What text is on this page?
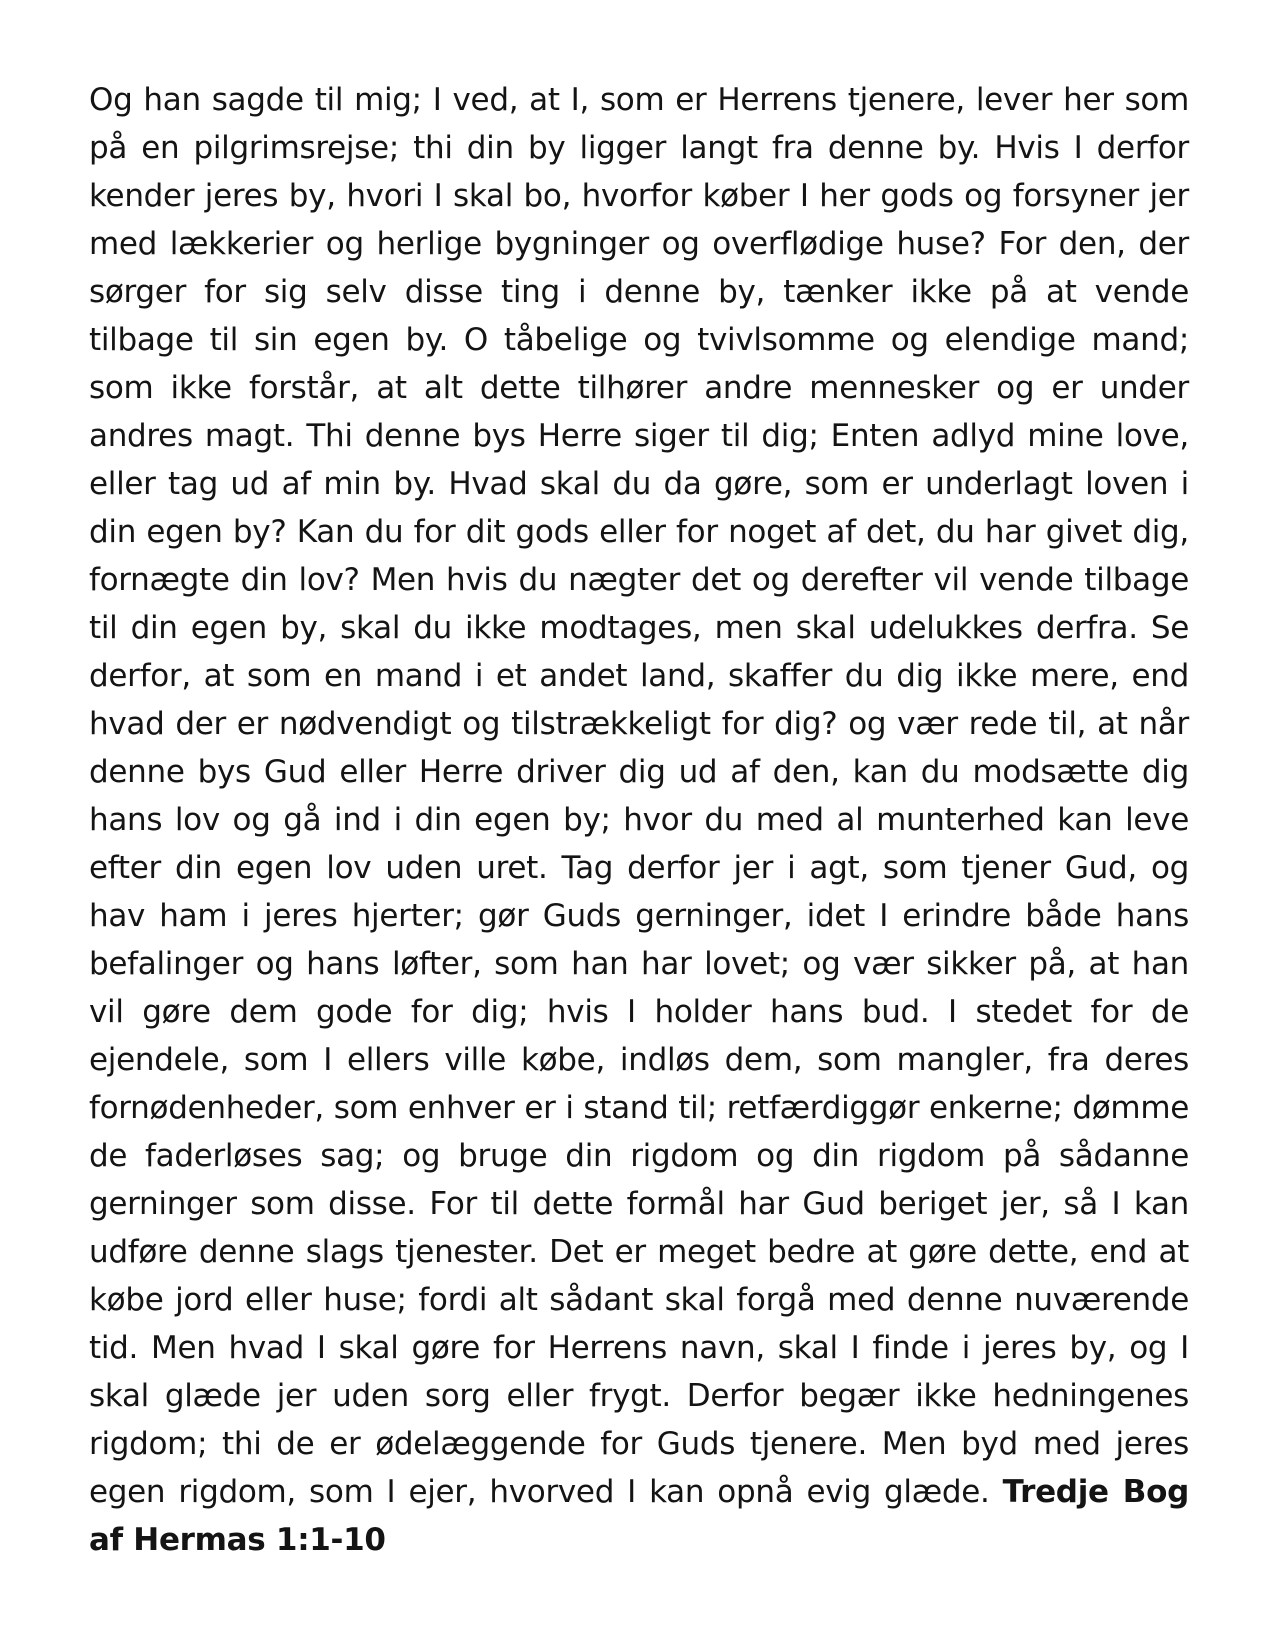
Og han sagde til mig; I ved, at I, som er Herrens tjenere, lever her som på en pilgrimsrejse; thi din by ligger langt fra denne by. Hvis I derfor kender jeres by, hvori I skal bo, hvorfor køber I her gods og forsyner jer med lækkerier og herlige bygninger og overflødige huse? For den, der sørger for sig selv disse ting i denne by, tænker ikke på at vende tilbage til sin egen by. O tåbelige og tvivlsomme og elendige mand; som ikke forstår, at alt dette tilhører andre mennesker og er under andres magt. Thi denne bys Herre siger til dig; Enten adlyd mine love, eller tag ud af min by. Hvad skal du da gøre, som er underlagt loven i din egen by? Kan du for dit gods eller for noget af det, du har givet dig, fornægte din lov? Men hvis du nægter det og derefter vil vende tilbage til din egen by, skal du ikke modtages, men skal udelukkes derfra. Se derfor, at som en mand i et andet land, skaffer du dig ikke mere, end hvad der er nødvendigt og tilstrækkeligt for dig? og vær rede til, at når denne bys Gud eller Herre driver dig ud af den, kan du modsætte dig hans lov og gå ind i din egen by; hvor du med al munterhed kan leve efter din egen lov uden uret. Tag derfor jer i agt, som tjener Gud, og hav ham i jeres hjerter; gør Guds gerninger, idet I erindre både hans befalinger og hans løfter, som han har lovet; og vær sikker på, at han vil gøre dem gode for dig; hvis I holder hans bud. I stedet for de ejendele, som I ellers ville købe, indløs dem, som mangler, fra deres fornødenheder, som enhver er i stand til; retfærdiggør enkerne; dømme de faderløses sag; og bruge din rigdom og din rigdom på sådanne gerninger som disse. For til dette formål har Gud beriget jer, så I kan udføre denne slags tjenester. Det er meget bedre at gøre dette, end at købe jord eller huse; fordi alt sådant skal forgå med denne nuværende tid. Men hvad I skal gøre for Herrens navn, skal I finde i jeres by, og I skal glæde jer uden sorg eller frygt. Derfor begær ikke hedningenes rigdom; thi de er ødelæggende for Guds tjenere. Men byd med jeres egen rigdom, som I ejer, hvorved I kan opnå evig glæde. Tredje Bog af Hermas 1:1-10
